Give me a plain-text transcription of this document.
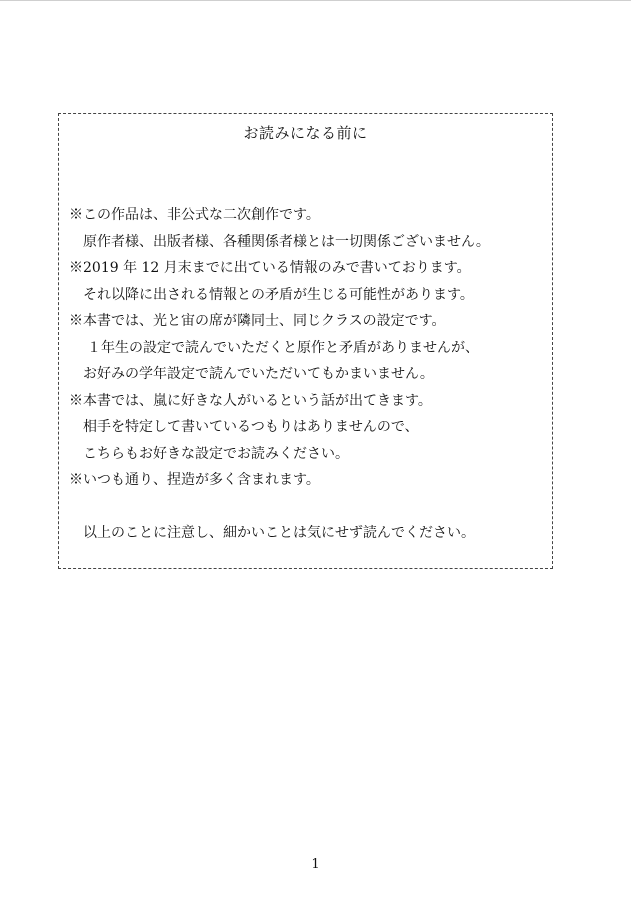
お読みになる前に
※この作品は、非公式な二次創作です。
原作者様、出版者様、各種関係者様とは一切関係ございません。
※2019 年 12 月末までに出ている情報のみで書いております。
それ以降に出される情報との矛盾が生じる可能性があります。
※本書では、光と宙の席が隣同士、同じクラスの設定です。
１年生の設定で読んでいただくと原作と矛盾がありませんが、
お好みの学年設定で読んでいただいてもかまいません。
※本書では、嵐に好きな人がいるという話が出てきます。
相手を特定して書いているつもりはありませんので、
こちらもお好きな設定でお読みください。
※いつも通り、捏造が多く含まれます。
以上のことに注意し、細かいことは気にせず読んでください。
1
